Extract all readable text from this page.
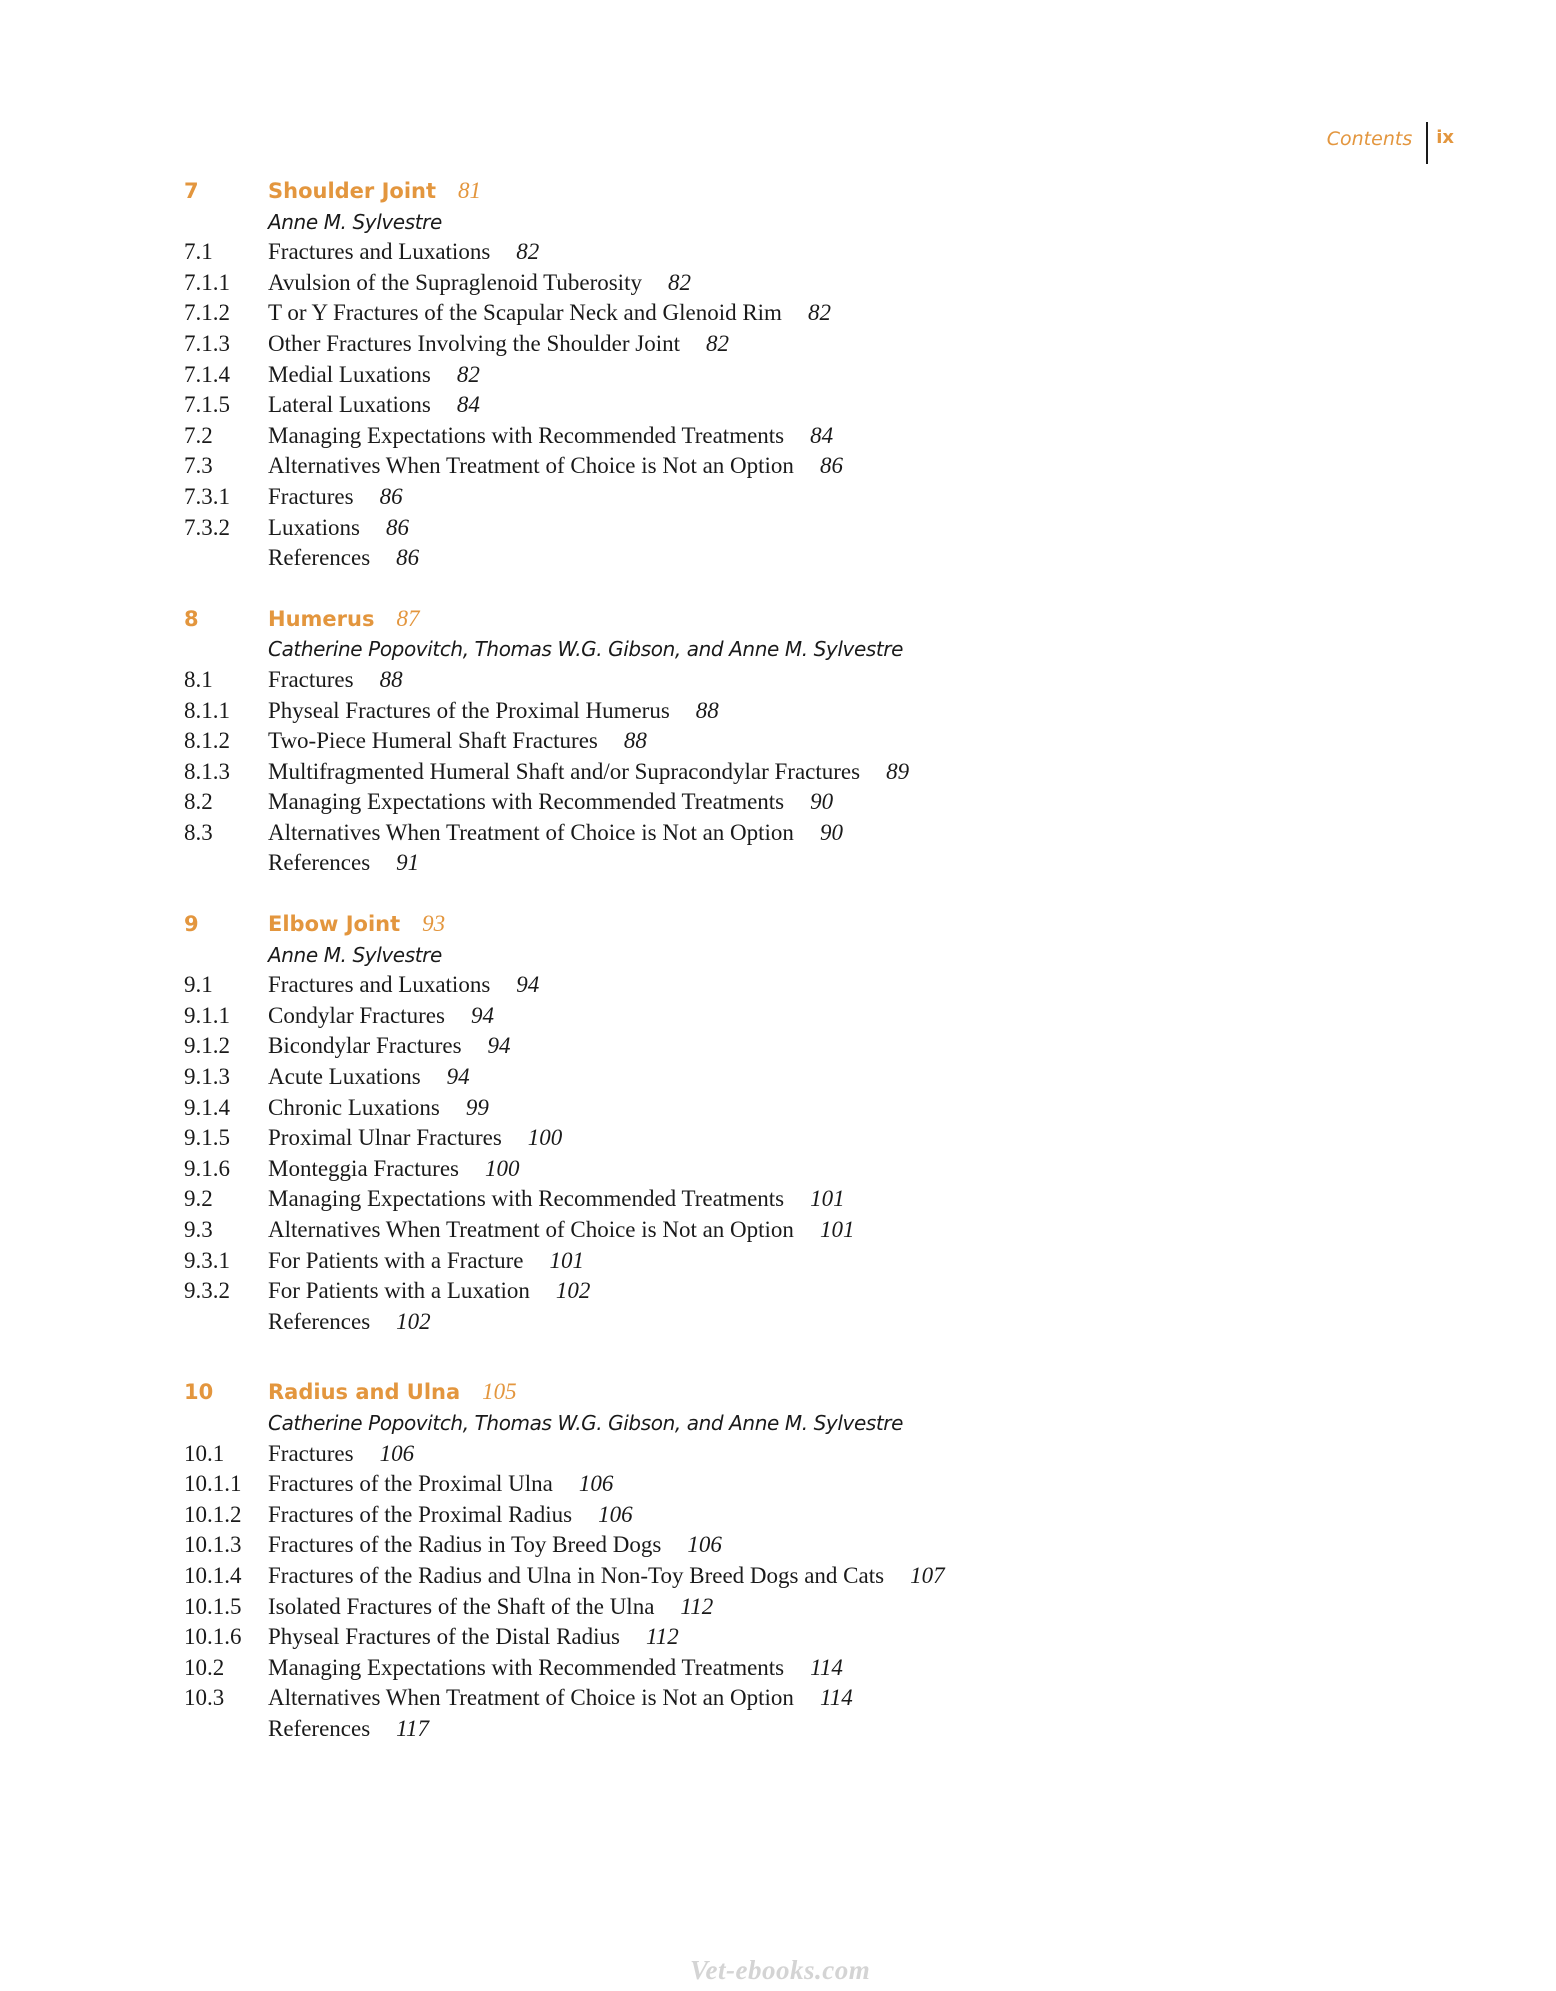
Contents ix
7	Shoulder Joint 81
Anne M. Sylvestre
7.1	Fractures and Luxations 82
7.1.1	Avulsion of the Supraglenoid Tuberosity 82
7.1.2	T or Y Fractures of the Scapular Neck and Glenoid Rim 82
7.1.3	Other Fractures Involving the Shoulder Joint 82
7.1.4	Medial Luxations 82
7.1.5	Lateral Luxations 84
7.2	Managing Expectations with Recommended Treatments 84
7.3	Alternatives When Treatment of Choice is Not an Option 86
7.3.1	Fractures 86
7.3.2	Luxations 86
References 86
8	Humerus 87
Catherine Popovitch, Thomas W.G. Gibson, and Anne M. Sylvestre
8.1	Fractures 88
8.1.1	Physeal Fractures of the Proximal Humerus 88
8.1.2	Two-Piece Humeral Shaft Fractures 88
8.1.3	Multifragmented Humeral Shaft and/or Supracondylar Fractures 89
8.2	Managing Expectations with Recommended Treatments 90
8.3	Alternatives When Treatment of Choice is Not an Option 90
References 91
9	Elbow Joint 93
Anne M. Sylvestre
9.1	Fractures and Luxations 94
9.1.1	Condylar Fractures 94
9.1.2	Bicondylar Fractures 94
9.1.3	Acute Luxations 94
9.1.4	Chronic Luxations 99
9.1.5	Proximal Ulnar Fractures 100
9.1.6	Monteggia Fractures 100
9.2	Managing Expectations with Recommended Treatments 101
9.3	Alternatives When Treatment of Choice is Not an Option 101
9.3.1	For Patients with a Fracture 101
9.3.2	For Patients with a Luxation 102
References 102
10	Radius and Ulna 105
Catherine Popovitch, Thomas W.G. Gibson, and Anne M. Sylvestre
10.1	Fractures 106
10.1.1	Fractures of the Proximal Ulna 106
10.1.2	Fractures of the Proximal Radius 106
10.1.3	Fractures of the Radius in Toy Breed Dogs 106
10.1.4	Fractures of the Radius and Ulna in Non-Toy Breed Dogs and Cats 107
10.1.5	Isolated Fractures of the Shaft of the Ulna 112
10.1.6	Physeal Fractures of the Distal Radius 112
10.2	Managing Expectations with Recommended Treatments 114
10.3	Alternatives When Treatment of Choice is Not an Option 114
References 117
Vet-ebooks.com
